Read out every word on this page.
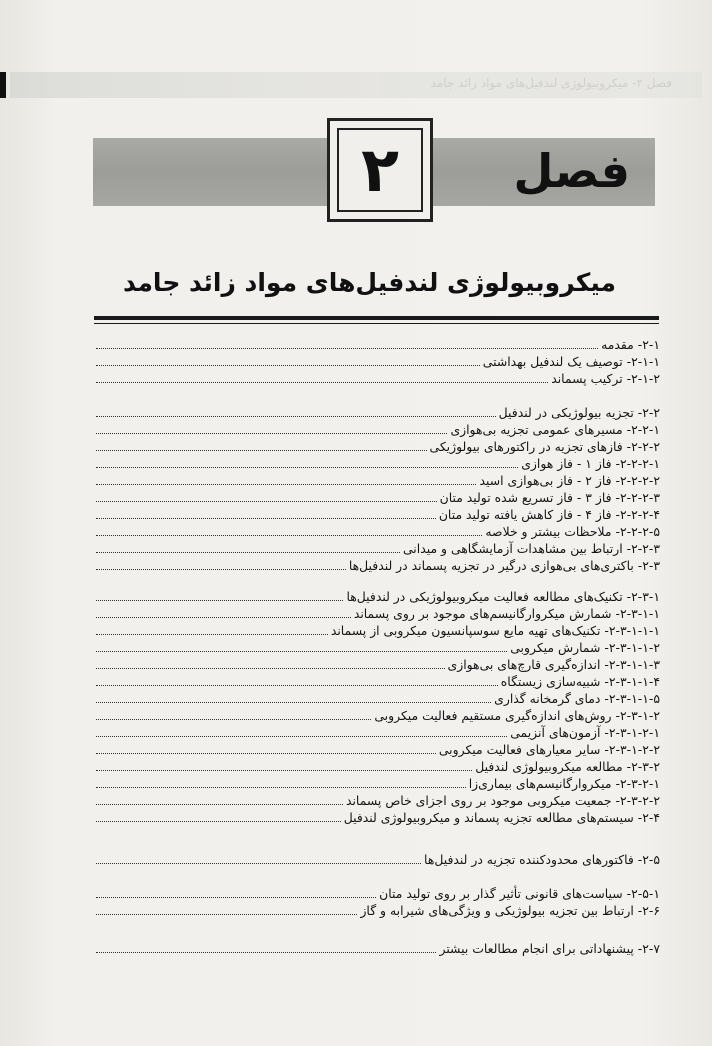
فصل ۲- میکروبیولوژی لندفیل‌های مواد زائد جامد
۲ فصل
میکروبیولوژی لندفیل‌های مواد زائد جامد
۲-۱- مقدمه
۲-۱-۱- توصیف یک لندفیل بهداشتی
۲-۱-۲- ترکیب پسماند
۲-۲- تجزیه بیولوژیکی در لندفیل
۲-۲-۱- مسیرهای عمومی تجزیه بی‌هوازی
۲-۲-۲- فازهای تجزیه در راکتورهای بیولوژیکی
۲-۲-۲-۱- فاز ۱ - فاز هوازی
۲-۲-۲-۲- فاز ۲ - فاز بی‌هوازی اسید
۲-۲-۲-۳- فاز ۳ - فاز تسریع شده تولید متان
۲-۲-۲-۴- فاز ۴ - فاز کاهش یافته تولید متان
۲-۲-۲-۵- ملاحظات بیشتر و خلاصه
۲-۲-۳- ارتباط بین مشاهدات آزمایشگاهی و میدانی
۲-۳- باکتری‌های بی‌هوازی درگیر در تجزیه پسماند در لندفیل‌ها
۲-۳-۱- تکنیک‌های مطالعه فعالیت میکروبیولوژیکی در لندفیل‌ها
۲-۳-۱-۱- شمارش میکروارگانیسم‌های موجود بر روی پسماند
۲-۳-۱-۱-۱- تکنیک‌های تهیه مایع سوسپانسیون میکروبی از پسماند
۲-۳-۱-۱-۲- شمارش میکروبی
۲-۳-۱-۱-۳- اندازه‌گیری قارچ‌های بی‌هوازی
۲-۳-۱-۱-۴- شبیه‌سازی زیستگاه
۲-۳-۱-۱-۵- دمای گرمخانه گذاری
۲-۳-۱-۲- روش‌های اندازه‌گیری مستقیم فعالیت میکروبی
۲-۳-۱-۲-۱- آزمون‌های آنزیمی
۲-۳-۱-۲-۲- سایر معیارهای فعالیت میکروبی
۲-۳-۲- مطالعه میکروبیولوژی لندفیل
۲-۳-۲-۱- میکروارگانیسم‌های بیماری‌زا
۲-۳-۲-۲- جمعیت میکروبی موجود بر روی اجزای خاص پسماند
۲-۴- سیستم‌های مطالعه تجزیه پسماند و میکروبیولوژی لندفیل
۲-۵- فاکتورهای محدودکننده تجزیه در لندفیل‌ها
۲-۵-۱- سیاست‌های قانونی تأثیر گذار بر روی تولید متان
۲-۶- ارتباط بین تجزیه بیولوژیکی و ویژگی‌های شیرابه و گاز
۲-۷- پیشنهاداتی برای انجام مطالعات بیشتر
